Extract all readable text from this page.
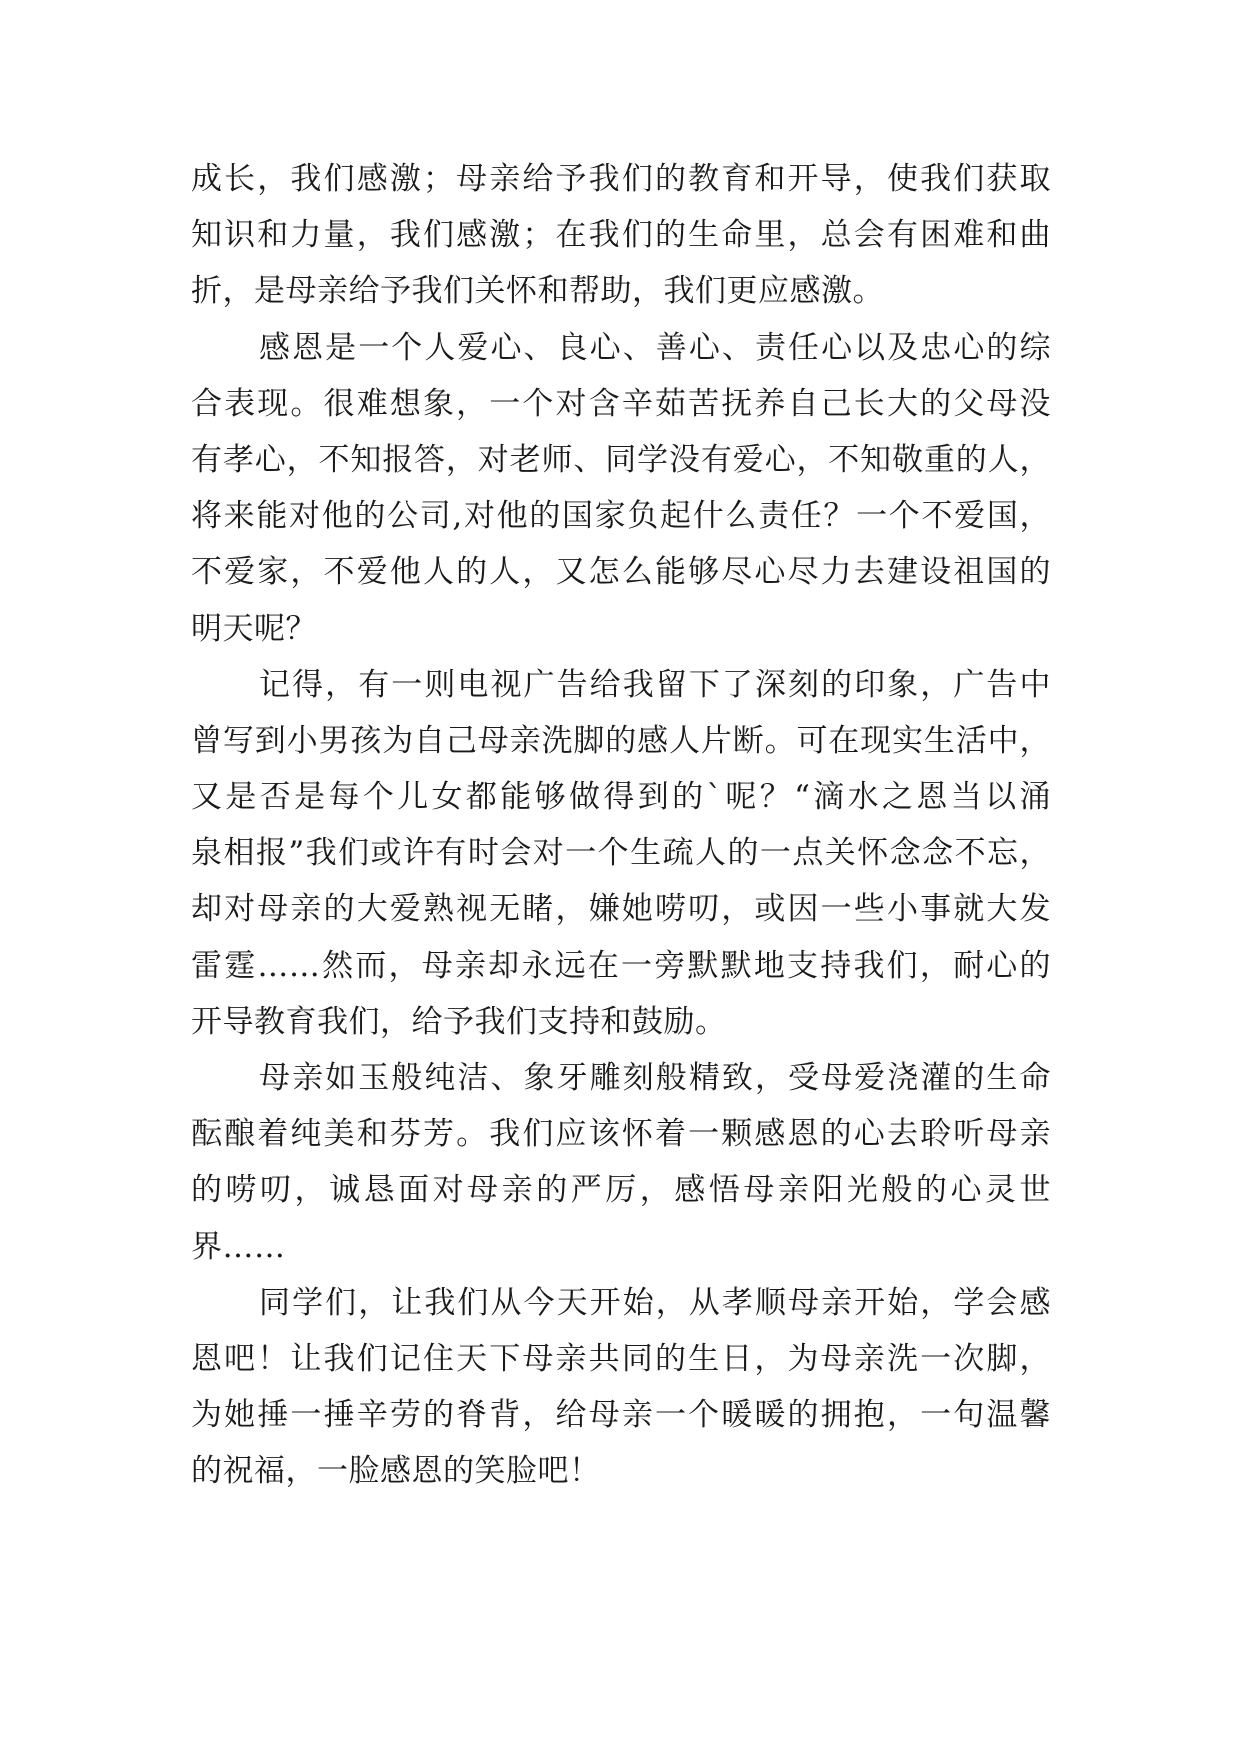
成长，我们感激；母亲给予我们的教育和开导，使我们获取
知识和力量，我们感激；在我们的生命里，总会有困难和曲
折，是母亲给予我们关怀和帮助，我们更应感激。
感恩是一个人爱心、良心、善心、责任心以及忠心的综
合表现。很难想象，一个对含辛茹苦抚养自己长大的父母没
有孝心，不知报答，对老师、同学没有爱心，不知敬重的人，
将来能对他的公司,对他的国家负起什么责任？一个不爱国，
不爱家，不爱他人的人，又怎么能够尽心尽力去建设祖国的
明天呢？
记得，有一则电视广告给我留下了深刻的印象，广告中
曾写到小男孩为自己母亲洗脚的感人片断。可在现实生活中，
又是否是每个儿女都能够做得到的`呢？“滴水之恩当以涌
泉相报”我们或许有时会对一个生疏人的一点关怀念念不忘，
却对母亲的大爱熟视无睹，嫌她唠叨，或因一些小事就大发
雷霆……然而，母亲却永远在一旁默默地支持我们，耐心的
开导教育我们，给予我们支持和鼓励。
母亲如玉般纯洁、象牙雕刻般精致，受母爱浇灌的生命
酝酿着纯美和芬芳。我们应该怀着一颗感恩的心去聆听母亲
的唠叨，诚恳面对母亲的严厉，感悟母亲阳光般的心灵世
界……
同学们，让我们从今天开始，从孝顺母亲开始，学会感
恩吧！让我们记住天下母亲共同的生日，为母亲洗一次脚，
为她捶一捶辛劳的脊背，给母亲一个暖暖的拥抱，一句温馨
的祝福，一脸感恩的笑脸吧！
